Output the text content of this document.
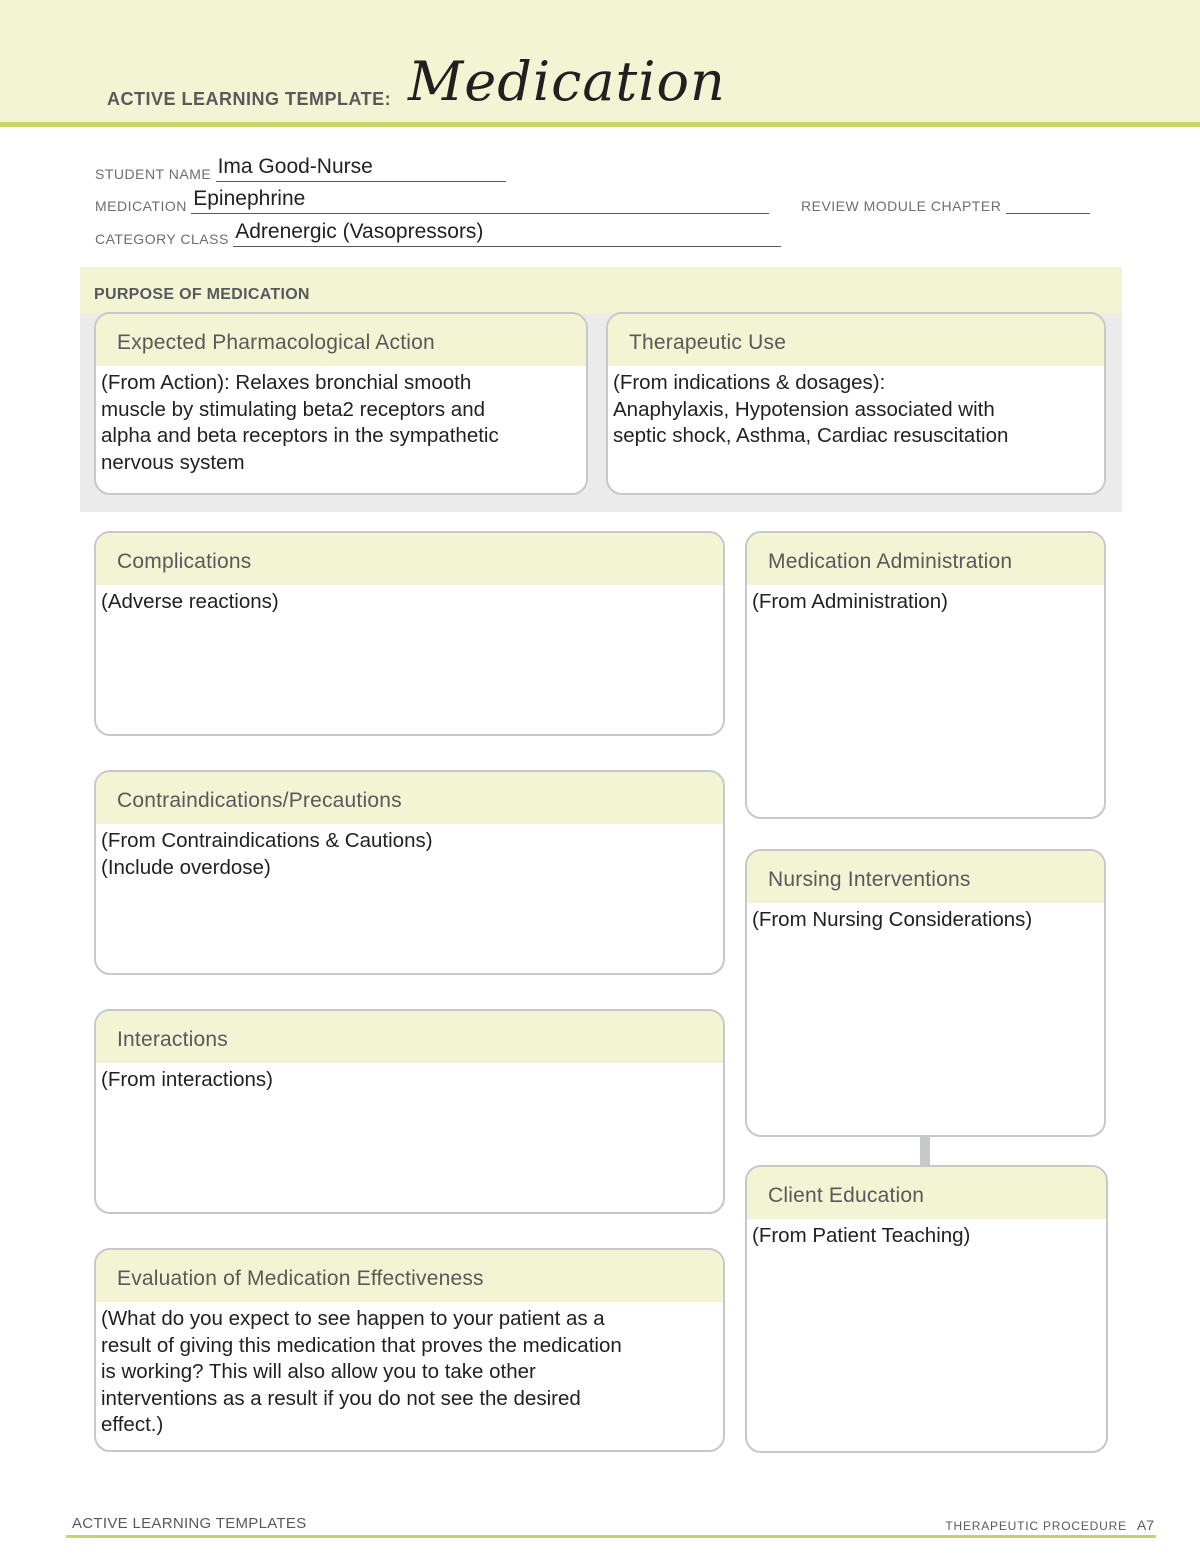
ACTIVE LEARNING TEMPLATE: Medication
STUDENT NAME Ima Good-Nurse
MEDICATION Epinephrine	REVIEW MODULE CHAPTER
CATEGORY CLASS Adrenergic (Vasopressors)
PURPOSE OF MEDICATION
Expected Pharmacological Action
(From Action): Relaxes bronchial smooth
muscle by stimulating beta2 receptors and
alpha and beta receptors in the sympathetic
nervous system
Therapeutic Use
(From indications & dosages):
Anaphylaxis, Hypotension associated with
septic shock, Asthma, Cardiac resuscitation
Complications
(Adverse reactions)
Contraindications/Precautions
(From Contraindications & Cautions)
(Include overdose)
Interactions
(From interactions)
Evaluation of Medication Effectiveness
(What do you expect to see happen to your patient as a
result of giving this medication that proves the medication
is working? This will also allow you to take other
interventions as a result if you do not see the desired
effect.)
Medication Administration
(From Administration)
Nursing Interventions
(From Nursing Considerations)
Client Education
(From Patient Teaching)
ACTIVE LEARNING TEMPLATES	THERAPEUTIC PROCEDURE A7
